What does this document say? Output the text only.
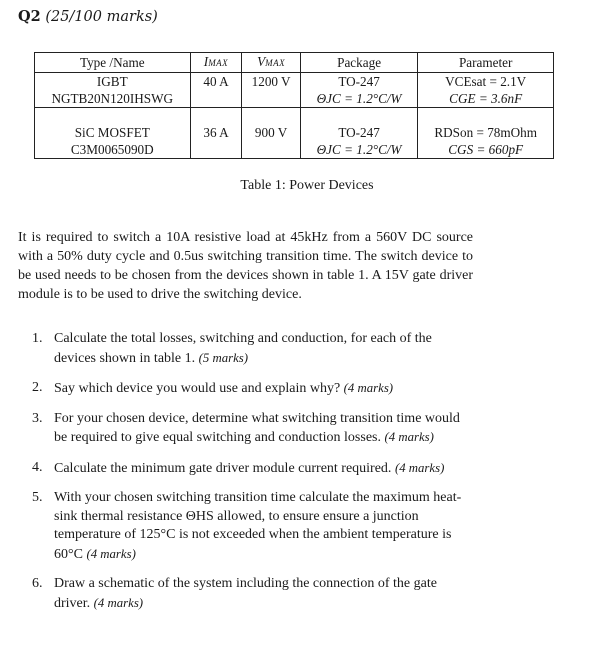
Q2 (25/100 marks)
Type /Name	IMAX	VMAX	Package	Parameter
IGBT	40 A	1200 V	TO-247	VCEsat = 2.1V
NGTB20N120IHSWG			ΘJC = 1.2°C/W	CGE = 3.6nF

SiC MOSFET	36 A	900 V	TO-247	RDSon = 78mOhm
C3M0065090D			ΘJC = 1.2°C/W	CGS = 660pF
Table 1: Power Devices
It is required to switch a 10A resistive load at 45kHz from a 560V DC source with a 50% duty cycle and 0.5us switching transition time. The switch device to be used needs to be chosen from the devices shown in table 1. A 15V gate driver module is to be used to drive the switching device.
1. Calculate the total losses, switching and conduction, for each of the devices shown in table 1. (5 marks)
2. Say which device you would use and explain why? (4 marks)
3. For your chosen device, determine what switching transition time would be required to give equal switching and conduction losses. (4 marks)
4. Calculate the minimum gate driver module current required. (4 marks)
5. With your chosen switching transition time calculate the maximum heat-sink thermal resistance ΘHS allowed, to ensure ensure a junction temperature of 125°C is not exceeded when the ambient temperature is 60°C (4 marks)
6. Draw a schematic of the system including the connection of the gate driver. (4 marks)
